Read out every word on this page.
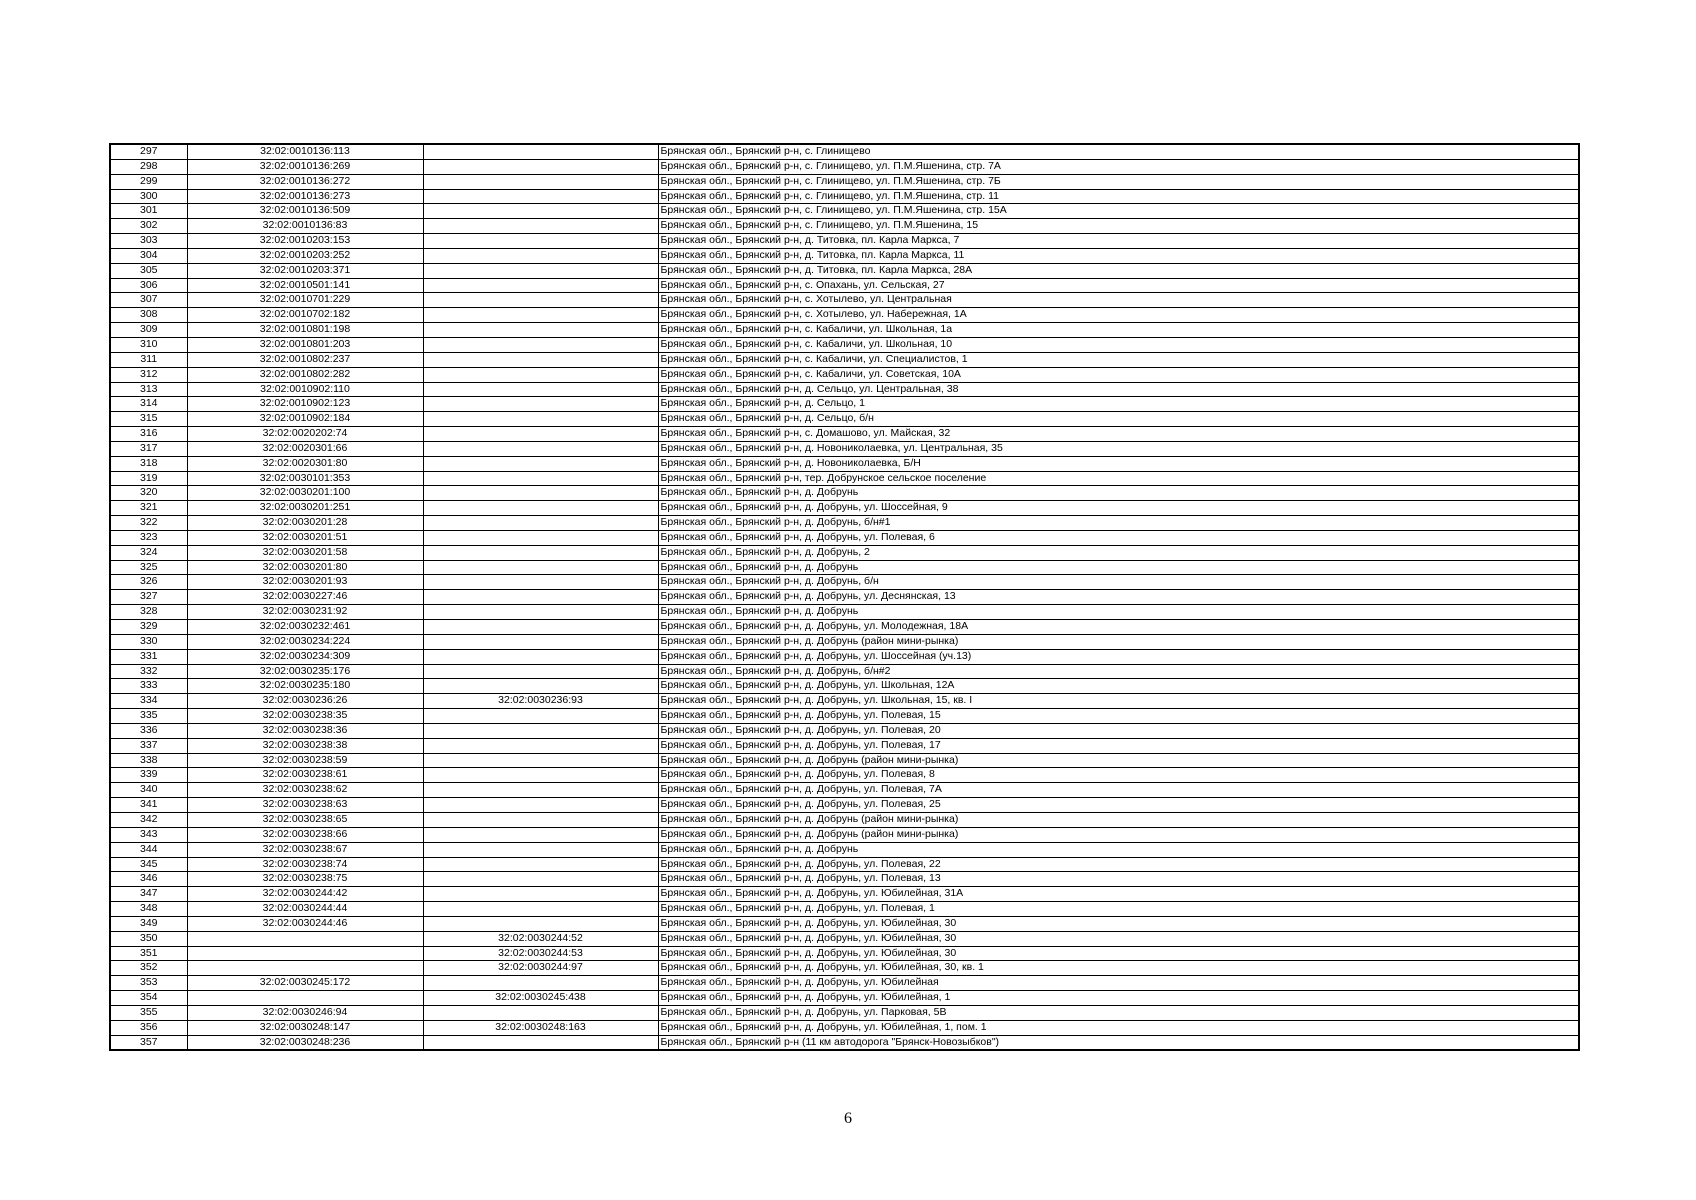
297	32:02:0010136:113		Брянская обл., Брянский р-н, с. Глинищево
298	32:02:0010136:269		Брянская обл., Брянский р-н, с. Глинищево, ул. П.М.Яшенина, стр. 7А
299	32:02:0010136:272		Брянская обл., Брянский р-н, с. Глинищево, ул. П.М.Яшенина, стр. 7Б
300	32:02:0010136:273		Брянская обл., Брянский р-н, с. Глинищево, ул. П.М.Яшенина, стр. 11
301	32:02:0010136:509		Брянская обл., Брянский р-н, с. Глинищево, ул. П.М.Яшенина, стр. 15А
302	32:02:0010136:83		Брянская обл., Брянский р-н, с. Глинищево, ул. П.М.Яшенина, 15
303	32:02:0010203:153		Брянская обл., Брянский р-н, д. Титовка, пл. Карла Маркса, 7
304	32:02:0010203:252		Брянская обл., Брянский р-н, д. Титовка, пл. Карла Маркса, 11
305	32:02:0010203:371		Брянская обл., Брянский р-н, д. Титовка, пл. Карла Маркса, 28А
306	32:02:0010501:141		Брянская обл., Брянский р-н, с. Опахань, ул. Сельская, 27
307	32:02:0010701:229		Брянская обл., Брянский р-н, с. Хотылево, ул. Центральная
308	32:02:0010702:182		Брянская обл., Брянский р-н, с. Хотылево, ул. Набережная, 1А
309	32:02:0010801:198		Брянская обл., Брянский р-н, с. Кабаличи, ул. Школьная, 1а
310	32:02:0010801:203		Брянская обл., Брянский р-н, с. Кабаличи, ул. Школьная, 10
311	32:02:0010802:237		Брянская обл., Брянский р-н, с. Кабаличи, ул. Специалистов, 1
312	32:02:0010802:282		Брянская обл., Брянский р-н, с. Кабаличи, ул. Советская, 10А
313	32:02:0010902:110		Брянская обл., Брянский р-н, д. Сельцо, ул. Центральная, 38
314	32:02:0010902:123		Брянская обл., Брянский р-н, д. Сельцо, 1
315	32:02:0010902:184		Брянская обл., Брянский р-н, д. Сельцо, б/н
316	32:02:0020202:74		Брянская обл., Брянский р-н, с. Домашово, ул. Майская, 32
317	32:02:0020301:66		Брянская обл., Брянский р-н, д. Новониколаевка, ул. Центральная, 35
318	32:02:0020301:80		Брянская обл., Брянский р-н, д. Новониколаевка, Б/Н
319	32:02:0030101:353		Брянская обл., Брянский р-н, тер. Добрунское сельское поселение
320	32:02:0030201:100		Брянская обл., Брянский р-н, д. Добрунь
321	32:02:0030201:251		Брянская обл., Брянский р-н, д. Добрунь, ул. Шоссейная, 9
322	32:02:0030201:28		Брянская обл., Брянский р-н, д. Добрунь, б/н#1
323	32:02:0030201:51		Брянская обл., Брянский р-н, д. Добрунь, ул. Полевая, 6
324	32:02:0030201:58		Брянская обл., Брянский р-н, д. Добрунь, 2
325	32:02:0030201:80		Брянская обл., Брянский р-н, д. Добрунь
326	32:02:0030201:93		Брянская обл., Брянский р-н, д. Добрунь, б/н
327	32:02:0030227:46		Брянская обл., Брянский р-н, д. Добрунь, ул. Деснянская, 13
328	32:02:0030231:92		Брянская обл., Брянский р-н, д. Добрунь
329	32:02:0030232:461		Брянская обл., Брянский р-н, д. Добрунь, ул. Молодежная, 18А
330	32:02:0030234:224		Брянская обл., Брянский р-н, д. Добрунь (район мини-рынка)
331	32:02:0030234:309		Брянская обл., Брянский р-н, д. Добрунь, ул. Шоссейная (уч.13)
332	32:02:0030235:176		Брянская обл., Брянский р-н, д. Добрунь, б/н#2
333	32:02:0030235:180		Брянская обл., Брянский р-н, д. Добрунь, ул. Школьная, 12А
334	32:02:0030236:26	32:02:0030236:93	Брянская обл., Брянский р-н, д. Добрунь, ул. Школьная, 15, кв. I
335	32:02:0030238:35		Брянская обл., Брянский р-н, д. Добрунь, ул. Полевая, 15
336	32:02:0030238:36		Брянская обл., Брянский р-н, д. Добрунь, ул. Полевая, 20
337	32:02:0030238:38		Брянская обл., Брянский р-н, д. Добрунь, ул. Полевая, 17
338	32:02:0030238:59		Брянская обл., Брянский р-н, д. Добрунь (район мини-рынка)
339	32:02:0030238:61		Брянская обл., Брянский р-н, д. Добрунь, ул. Полевая, 8
340	32:02:0030238:62		Брянская обл., Брянский р-н, д. Добрунь, ул. Полевая, 7А
341	32:02:0030238:63		Брянская обл., Брянский р-н, д. Добрунь, ул. Полевая, 25
342	32:02:0030238:65		Брянская обл., Брянский р-н, д. Добрунь (район мини-рынка)
343	32:02:0030238:66		Брянская обл., Брянский р-н, д. Добрунь (район мини-рынка)
344	32:02:0030238:67		Брянская обл., Брянский р-н, д. Добрунь
345	32:02:0030238:74		Брянская обл., Брянский р-н, д. Добрунь, ул. Полевая, 22
346	32:02:0030238:75		Брянская обл., Брянский р-н, д. Добрунь, ул. Полевая, 13
347	32:02:0030244:42		Брянская обл., Брянский р-н, д. Добрунь, ул. Юбилейная, 31А
348	32:02:0030244:44		Брянская обл., Брянский р-н, д. Добрунь, ул. Полевая, 1
349	32:02:0030244:46		Брянская обл., Брянский р-н, д. Добрунь, ул. Юбилейная, 30
350		32:02:0030244:52	Брянская обл., Брянский р-н, д. Добрунь, ул. Юбилейная, 30
351		32:02:0030244:53	Брянская обл., Брянский р-н, д. Добрунь, ул. Юбилейная, 30
352		32:02:0030244:97	Брянская обл., Брянский р-н, д. Добрунь, ул. Юбилейная, 30, кв. 1
353	32:02:0030245:172		Брянская обл., Брянский р-н, д. Добрунь, ул. Юбилейная
354		32:02:0030245:438	Брянская обл., Брянский р-н, д. Добрунь, ул. Юбилейная, 1
355	32:02:0030246:94		Брянская обл., Брянский р-н, д. Добрунь, ул. Парковая, 5В
356	32:02:0030248:147	32:02:0030248:163	Брянская обл., Брянский р-н, д. Добрунь, ул. Юбилейная, 1, пом. 1
357	32:02:0030248:236		Брянская обл., Брянский р-н (11 км автодорога "Брянск-Новозыбков")
6
